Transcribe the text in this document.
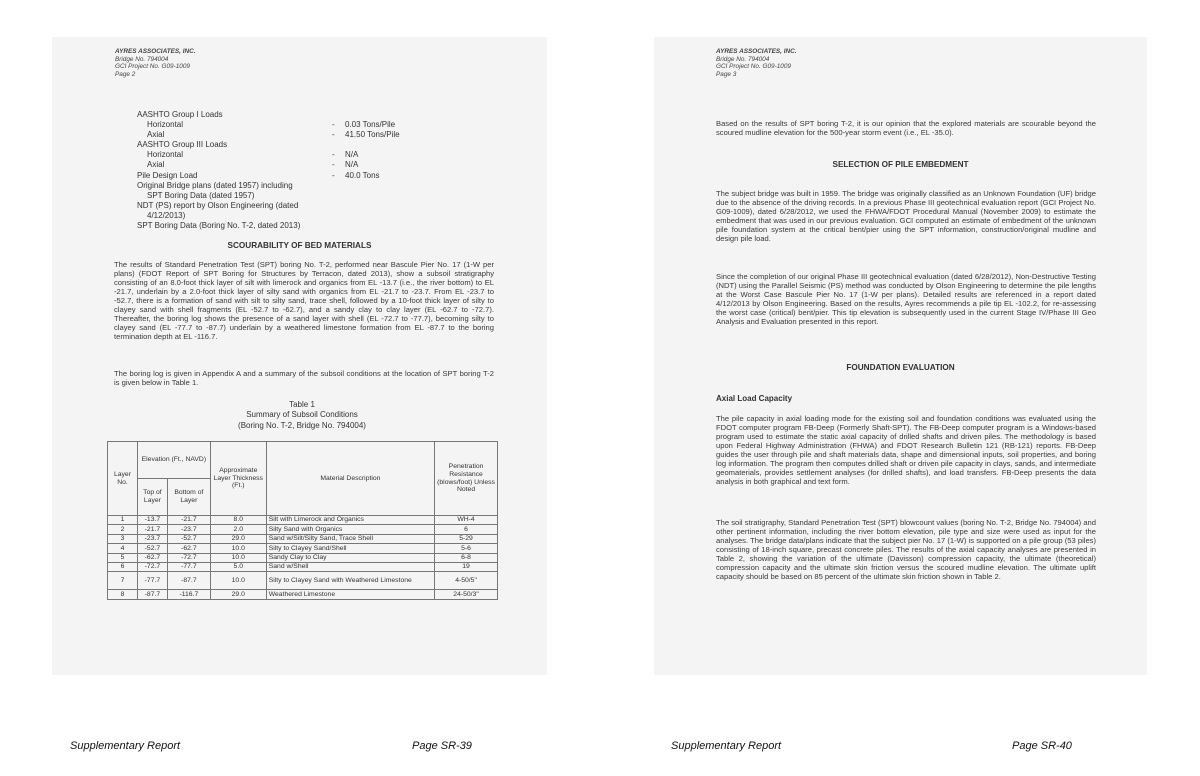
AYRES ASSOCIATES, INC.
Bridge No. 794004
GCI Project No. G09-1009
Page 2
AASHTO Group I Loads
Horizontal	- 0.03 Tons/Pile
Axial	- 41.50 Tons/Pile
AASHTO Group III Loads
Horizontal	- N/A
Axial	- N/A
Pile Design Load	- 40.0 Tons
Original Bridge plans (dated 1957) including
SPT Boring Data (dated 1957)
NDT (PS) report by Olson Engineering (dated
4/12/2013)
SPT Boring Data (Boring No. T-2, dated 2013)
SCOURABILITY OF BED MATERIALS
The results of Standard Penetration Test (SPT) boring No. T-2, performed near Bascule Pier No. 17 (1-W per plans) (FDOT Report of SPT Boring for Structures by Terracon, dated 2013), show a subsoil stratigraphy consisting of an 8.0-foot thick layer of silt with limerock and organics from EL -13.7 (i.e., the river bottom) to EL -21.7, underlain by a 2.0-foot thick layer of silty sand with organics from EL -21.7 to -23.7. From EL -23.7 to -52.7, there is a formation of sand with silt to silty sand, trace shell, followed by a 10-foot thick layer of silty to clayey sand with shell fragments (EL -52.7 to -62.7), and a sandy clay to clay layer (EL -62.7 to -72.7). Thereafter, the boring log shows the presence of a sand layer with shell (EL -72.7 to -77.7), becoming silty to clayey sand (EL -77.7 to -87.7) underlain by a weathered limestone formation from EL -87.7 to the boring termination depth at EL -116.7.
The boring log is given in Appendix A and a summary of the subsoil conditions at the location of SPT boring T-2 is given below in Table 1.
Table 1
Summary of Subsoil Conditions
(Boring No. T-2, Bridge No. 794004)
Layer No.	Elevation (Ft., NAVD)		Approximate Layer Thickness (Ft.)	Material Description	Penetration Resistance (blows/foot) Unless Noted
	Top of Layer	Bottom of Layer			
1	-13.7	-21.7	8.0	Silt with Limerock and Organics	WH-4
2	-21.7	-23.7	2.0	Silty Sand with Organics	6
3	-23.7	-52.7	29.0	Sand w/Silt/Silty Sand, Trace Shell	5-29
4	-52.7	-62.7	10.0	Silty to Clayey Sand/Shell	5-6
5	-62.7	-72.7	10.0	Sandy Clay to Clay	6-8
6	-72.7	-77.7	5.0	Sand w/Shell	19
7	-77.7	-87.7	10.0	Silty to Clayey Sand with Weathered Limestone	4-50/5"
8	-87.7	-116.7	29.0	Weathered Limestone	24-50/3"
AYRES ASSOCIATES, INC.
Bridge No. 794004
GCI Project No. G09-1009
Page 3
Based on the results of SPT boring T-2, it is our opinion that the explored materials are scourable beyond the scoured mudline elevation for the 500-year storm event (i.e., EL -35.0).
SELECTION OF PILE EMBEDMENT
The subject bridge was built in 1959. The bridge was originally classified as an Unknown Foundation (UF) bridge due to the absence of the driving records. In a previous Phase III geotechnical evaluation report (GCI Project No. G09-1009), dated 6/28/2012, we used the FHWA/FDOT Procedural Manual (November 2009) to estimate the embedment that was used in our previous evaluation. GCI computed an estimate of embedment of the unknown pile foundation system at the critical bent/pier using the SPT information, construction/original mudline and design pile load.
Since the completion of our original Phase III geotechnical evaluation (dated 6/28/2012), Non-Destructive Testing (NDT) using the Parallel Seismic (PS) method was conducted by Olson Engineering to determine the pile lengths at the Worst Case Bascule Pier No. 17 (1-W per plans). Detailed results are referenced in a report dated 4/12/2013 by Olson Engineering. Based on the results, Ayres recommends a pile tip EL -102.2, for re-assessing the worst case (critical) bent/pier. This tip elevation is subsequently used in the current Stage IV/Phase III Geo Analysis and Evaluation presented in this report.
FOUNDATION EVALUATION
Axial Load Capacity
The pile capacity in axial loading mode for the existing soil and foundation conditions was evaluated using the FDOT computer program FB-Deep (Formerly Shaft-SPT). The FB-Deep computer program is a Windows-based program used to estimate the static axial capacity of drilled shafts and driven piles. The methodology is based upon Federal Highway Administration (FHWA) and FDOT Research Bulletin 121 (RB-121) reports. FB-Deep guides the user through pile and shaft materials data, shape and dimensional inputs, soil properties, and boring log information. The program then computes drilled shaft or driven pile capacity in clays, sands, and intermediate geomaterials, provides settlement analyses (for drilled shafts), and load transfers. FB-Deep presents the data analysis in both graphical and text form.
The soil stratigraphy, Standard Penetration Test (SPT) blowcount values (boring No. T-2, Bridge No. 794004) and other pertinent information, including the river bottom elevation, pile type and size were used as input for the analyses. The bridge data/plans indicate that the subject pier No. 17 (1-W) is supported on a pile group (53 piles) consisting of 18-inch square, precast concrete piles. The results of the axial capacity analyses are presented in Table 2, showing the variation of the ultimate (Davisson) compression capacity, the ultimate (theoretical) compression capacity and the ultimate skin friction versus the scoured mudline elevation. The ultimate uplift capacity should be based on 85 percent of the ultimate skin friction shown in Table 2.
Supplementary Report	Page SR-39	Supplementary Report	Page SR-40
